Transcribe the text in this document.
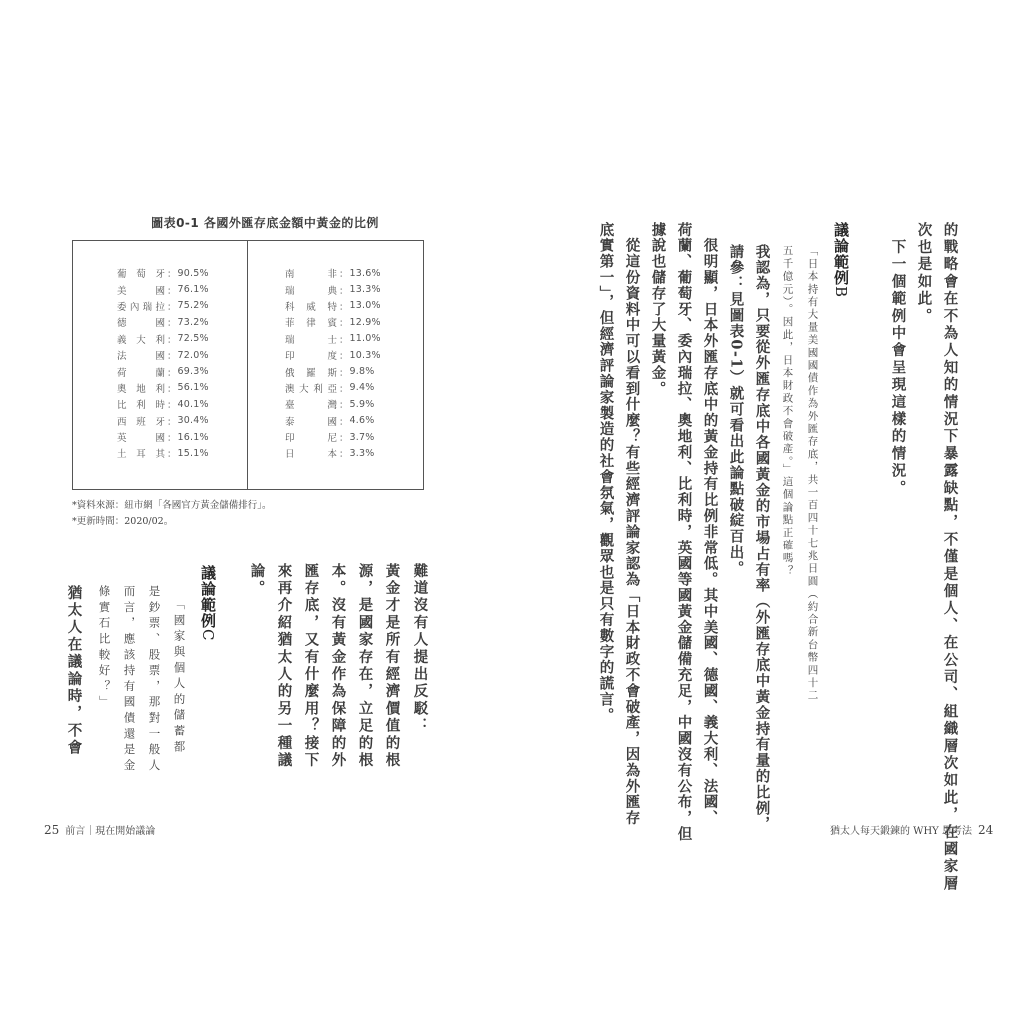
圖表0-1 各國外匯存底金額中黃金的比例
葡萄牙 ： 90.5%
美國 ： 76.1%
委內瑞拉 ： 75.2%
德國 ： 73.2%
義大利 ： 72.5%
法國 ： 72.0%
荷蘭 ： 69.3%
奧地利 ： 56.1%
比利時 ： 40.1%
西班牙 ： 30.4%
英國 ： 16.1%
土耳其 ： 15.1%
南非 ： 13.6%
瑞典 ： 13.3%
科威特 ： 13.0%
菲律賓 ： 12.9%
瑞士 ： 11.0%
印度 ： 10.3%
俄羅斯 ： 9.8%
澳大利亞 ： 9.4%
臺灣 ： 5.9%
泰國 ： 4.6%
印尼 ： 3.7%
日本 ： 3.3%
*資料來源：紐市網「各國官方黃金儲備排行」。
*更新時間：2020/02。
難道沒有人提出反駁：
黃金才是所有經濟價值的根
源，是國家存在，立足的根
本。沒有黃金作為保障的外
匯存底，又有什麼用？接下
來再介紹猶太人的另一種議
論。
議論範例C
「國家與個人的儲蓄都
是鈔票、股票，那對一般人
而言，應該持有國債還是金
條實石比較好？」
猶太人在議論時，不會
25 前言｜現在開始議論	的戰略會在不為人知的情況下暴露缺點，不僅是個人、在公司、組織層次如此，在國家層
次也是如此。
　下一個範例中會呈現這樣的情況。
議論範例B
「日本持有大量美國國債作為外匯存底，共一百四十七兆日圓（約合新台幣四十二
五千億元）。因此，日本財政不會破產。」這個論點正確嗎？
我認為，只要從外匯存底中各國黃金的市場占有率（外匯存底中黃金持有量的比例，
請參：見圖表0-1）就可看出此論點破綻百出。
　很明顯，日本外匯存底中的黃金持有比例非常低。其中美國、德國、義大利、法國、
荷蘭、葡萄牙、委內瑞拉、奧地利、比利時，英國等國黃金儲備充足，中國沒有公布，但
據說也儲存了大量黃金。
　從這份資料中可以看到什麼？有些經濟評論家認為「日本財政不會破產，因為外匯存
底實第一」，但經濟評論家製造的社會氛氣，觀眾也是只有數字的謊言。
猶太人每天鍛鍊的 WHY 思考法 24
